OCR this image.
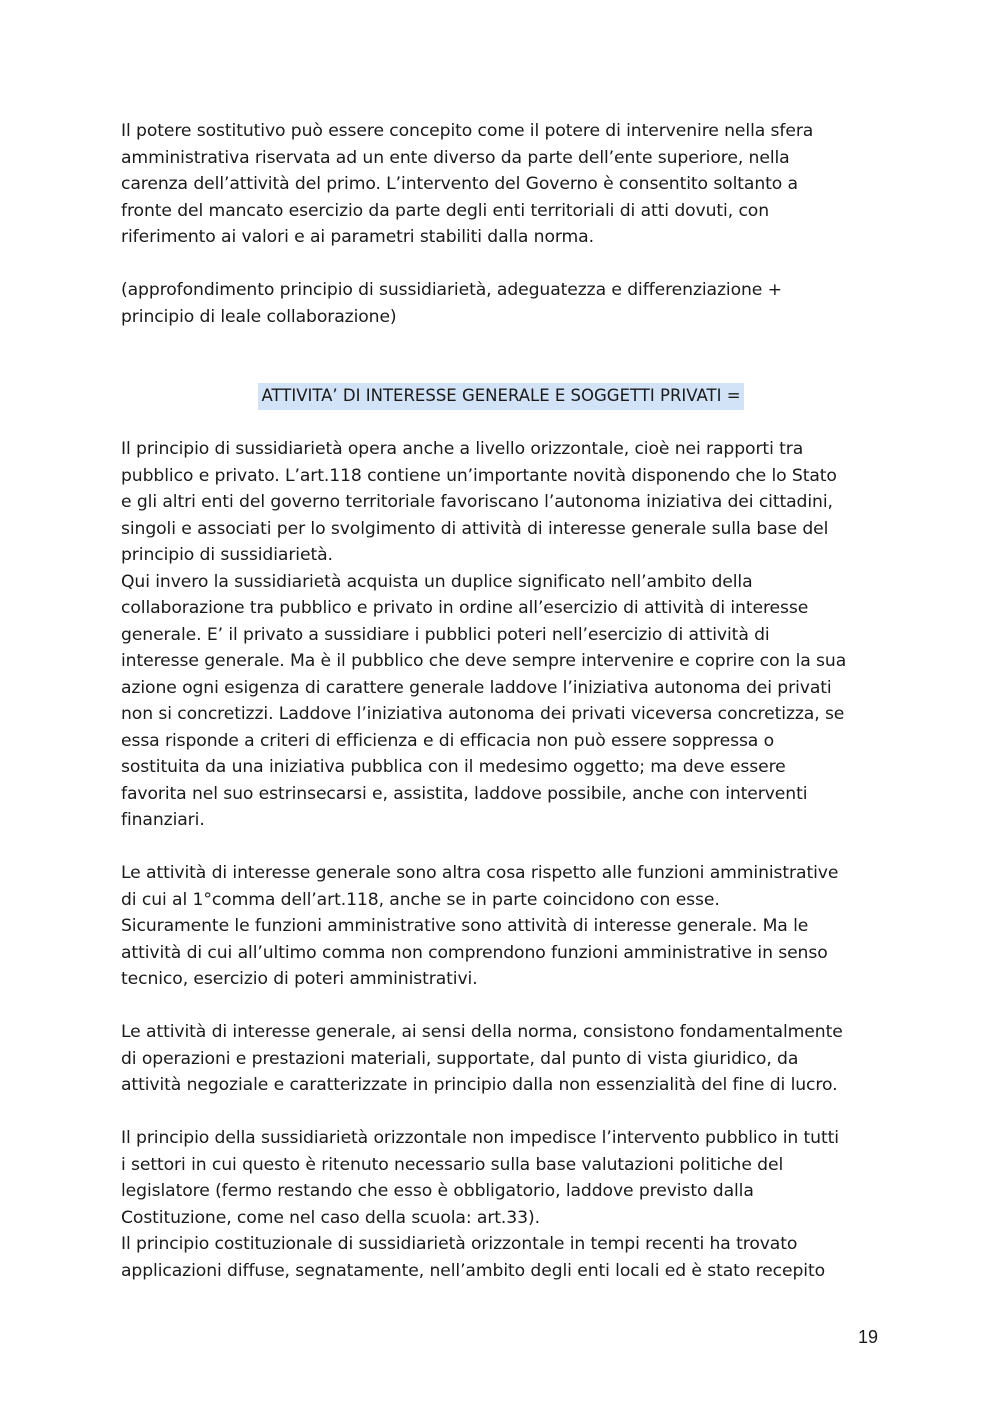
Il potere sostitutivo può essere concepito come il potere di intervenire nella sfera
amministrativa riservata ad un ente diverso da parte dell’ente superiore, nella
carenza dell’attività del primo. L’intervento del Governo è consentito soltanto a
fronte del mancato esercizio da parte degli enti territoriali di atti dovuti, con
riferimento ai valori e ai parametri stabiliti dalla norma.

(approfondimento principio di sussidiarietà, adeguatezza e differenziazione +
principio di leale collaborazione)

ATTIVITA’ DI INTERESSE GENERALE E SOGGETTI PRIVATI =

Il principio di sussidiarietà opera anche a livello orizzontale, cioè nei rapporti tra
pubblico e privato. L’art.118 contiene un’importante novità disponendo che lo Stato
e gli altri enti del governo territoriale favoriscano l’autonoma iniziativa dei cittadini,
singoli e associati per lo svolgimento di attività di interesse generale sulla base del
principio di sussidiarietà.
Qui invero la sussidiarietà acquista un duplice significato nell’ambito della
collaborazione tra pubblico e privato in ordine all’esercizio di attività di interesse
generale. E’ il privato a sussidiare i pubblici poteri nell’esercizio di attività di
interesse generale. Ma è il pubblico che deve sempre intervenire e coprire con la sua
azione ogni esigenza di carattere generale laddove l’iniziativa autonoma dei privati
non si concretizzi. Laddove l’iniziativa autonoma dei privati viceversa concretizza, se
essa risponde a criteri di efficienza e di efficacia non può essere soppressa o
sostituita da una iniziativa pubblica con il medesimo oggetto; ma deve essere
favorita nel suo estrinsecarsi e, assistita, laddove possibile, anche con interventi
finanziari.

Le attività di interesse generale sono altra cosa rispetto alle funzioni amministrative
di cui al 1°comma dell’art.118, anche se in parte coincidono con esse.
Sicuramente le funzioni amministrative sono attività di interesse generale. Ma le
attività di cui all’ultimo comma non comprendono funzioni amministrative in senso
tecnico, esercizio di poteri amministrativi.

Le attività di interesse generale, ai sensi della norma, consistono fondamentalmente
di operazioni e prestazioni materiali, supportate, dal punto di vista giuridico, da
attività negoziale e caratterizzate in principio dalla non essenzialità del fine di lucro.

Il principio della sussidiarietà orizzontale non impedisce l’intervento pubblico in tutti
i settori in cui questo è ritenuto necessario sulla base valutazioni politiche del
legislatore (fermo restando che esso è obbligatorio, laddove previsto dalla
Costituzione, come nel caso della scuola: art.33).
Il principio costituzionale di sussidiarietà orizzontale in tempi recenti ha trovato
applicazioni diffuse, segnatamente, nell’ambito degli enti locali ed è stato recepito

19
